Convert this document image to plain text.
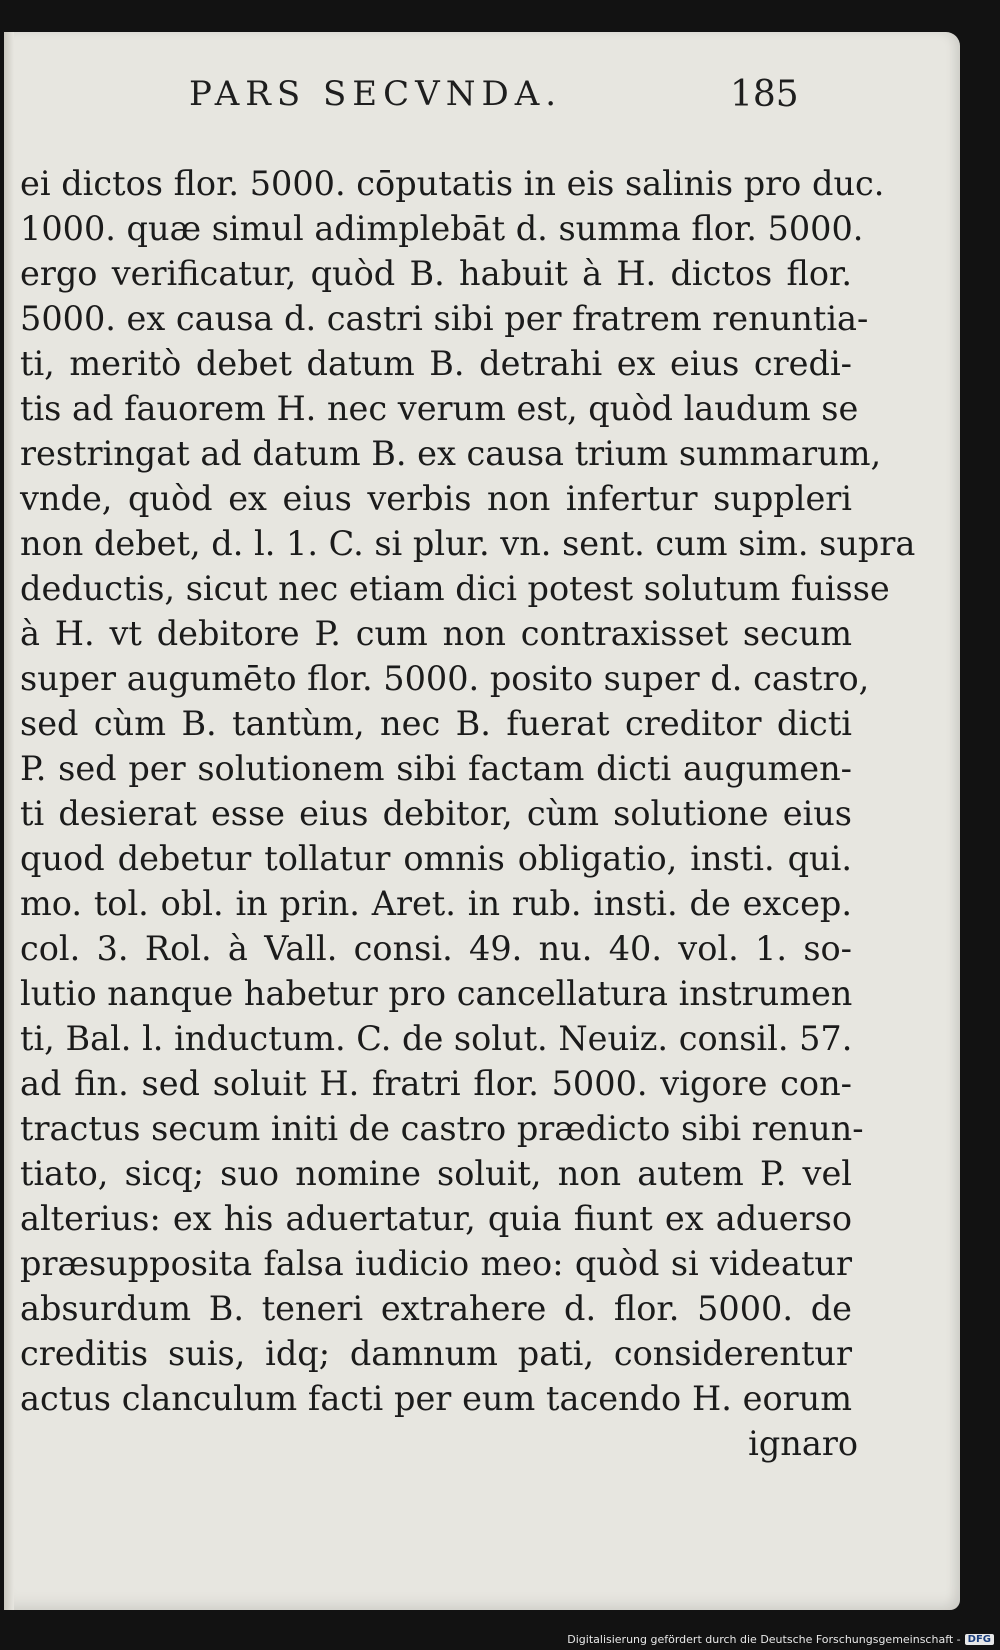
PARS SECVNDA.	185
ei dictos flor. 5000. cōputatis in eis salinis pro duc.
1000. quæ simul adimplebāt d. summa flor. 5000.
ergo verificatur, quòd B. habuit à H. dictos flor.
5000. ex causa d. castri sibi per fratrem renuntia-
ti, meritò debet datum B. detrahi ex eius credi-
tis ad fauorem H. nec verum est, quòd laudum se
restringat ad datum B. ex causa trium summarum,
vnde, quòd ex eius verbis non infertur suppleri
non debet, d. l. 1. C. si plur. vn. sent. cum sim. supra
deductis, sicut nec etiam dici potest solutum fuisse
à H. vt debitore P. cum non contraxisset secum
super augumēto flor. 5000. posito super d. castro,
sed cùm B. tantùm, nec B. fuerat creditor dicti
P. sed per solutionem sibi factam dicti augumen-
ti desierat esse eius debitor, cùm solutione eius
quod debetur tollatur omnis obligatio, insti. qui.
mo. tol. obl. in prin. Aret. in rub. insti. de excep.
col. 3. Rol. à Vall. consi. 49. nu. 40. vol. 1. so-
lutio nanque habetur pro cancellatura instrumen
ti, Bal. l. inductum. C. de solut. Neuiz. consil. 57.
ad fin. sed soluit H. fratri flor. 5000. vigore con-
tractus secum initi de castro prædicto sibi renun-
tiato, sicq; suo nomine soluit, non autem P. vel
alterius: ex his aduertatur, quia fiunt ex aduerso
præsupposita falsa iudicio meo: quòd si videatur
absurdum B. teneri extrahere d. flor. 5000. de
creditis suis, idq; damnum pati, considerentur
actus clanculum facti per eum tacendo H. eorum
ignaro
Digitalisierung gefördert durch die Deutsche Forschungsgemeinschaft - DFG
